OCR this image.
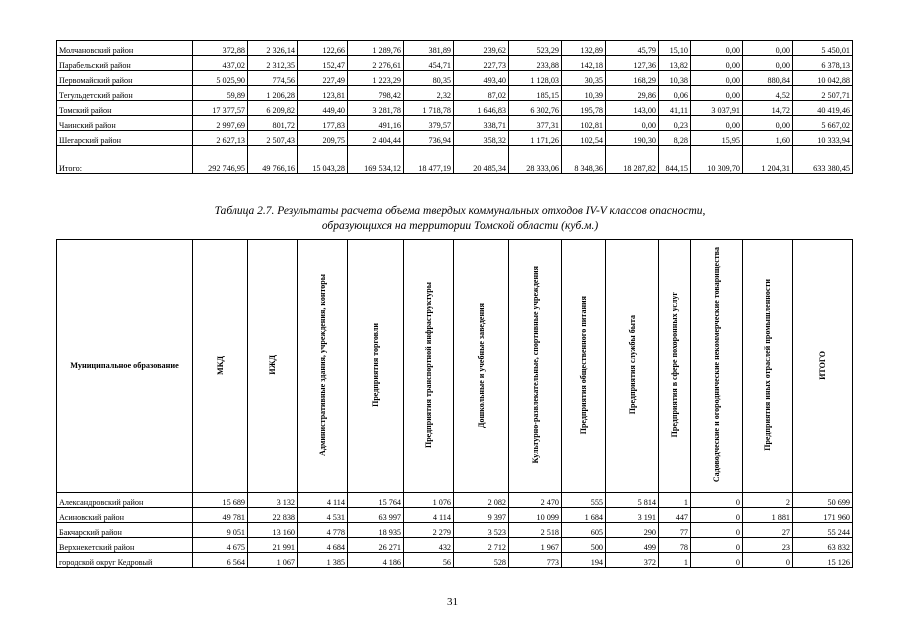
Молчановский район	372,88	2 326,14	122,66	1 289,76	381,89	239,62	523,29	132,89	45,79	15,10	0,00	0,00	5 450,01
Парабельский район	437,02	2 312,35	152,47	2 276,61	454,71	227,73	233,88	142,18	127,36	13,82	0,00	0,00	6 378,13
Первомайский район	5 025,90	774,56	227,49	1 223,29	80,35	493,40	1 128,03	30,35	168,29	10,38	0,00	880,84	10 042,88
Тегульдетский район	59,89	1 206,28	123,81	798,42	2,32	87,02	185,15	10,39	29,86	0,06	0,00	4,52	2 507,71
Томский район	17 377,57	6 209,82	449,40	3 281,78	1 718,78	1 646,83	6 302,76	195,78	143,00	41,11	3 037,91	14,72	40 419,46
Чаинский район	2 997,69	801,72	177,83	491,16	379,57	338,71	377,31	102,81	0,00	0,23	0,00	0,00	5 667,02
Шегарский район	2 627,13	2 507,43	209,75	2 404,44	736,94	358,32	1 171,26	102,54	190,30	8,28	15,95	1,60	10 333,94
Итого:	292 746,95	49 766,16	15 043,28	169 534,12	18 477,19	20 485,34	28 333,06	8 348,36	18 287,82	844,15	10 309,70	1 204,31	633 380,45
Таблица 2.7. Результаты расчета объема твердых коммунальных отходов IV-V классов опасности,
образующихся на территории Томской области (куб.м.)
Муниципальное образование	МКД	ИЖД	Административные здания, учреждения, конторы	Предприятия торговли	Предприятия транспортной инфраструктуры	Дошкольные и учебные заведения	Культурно-развлекательные, спортивные учреждения	Предприятия общественного питания	Предприятия службы быта	Предприятия в сфере похоронных услуг	Садоводческие и огороднические некоммерческие товарищества	Предприятия иных отраслей промышленности	ИТОГО
Александровский район	15 689	3 132	4 114	15 764	1 076	2 082	2 470	555	5 814	1	0	2	50 699
Асиновский район	49 781	22 838	4 531	63 997	4 114	9 397	10 099	1 684	3 191	447	0	1 881	171 960
Бакчарский район	9 051	13 160	4 778	18 935	2 279	3 523	2 518	605	290	77	0	27	55 244
Верхнекетский район	4 675	21 991	4 684	26 271	432	2 712	1 967	500	499	78	0	23	63 832
городской округ Кедровый	6 564	1 067	1 385	4 186	56	528	773	194	372	1	0	0	15 126
31
